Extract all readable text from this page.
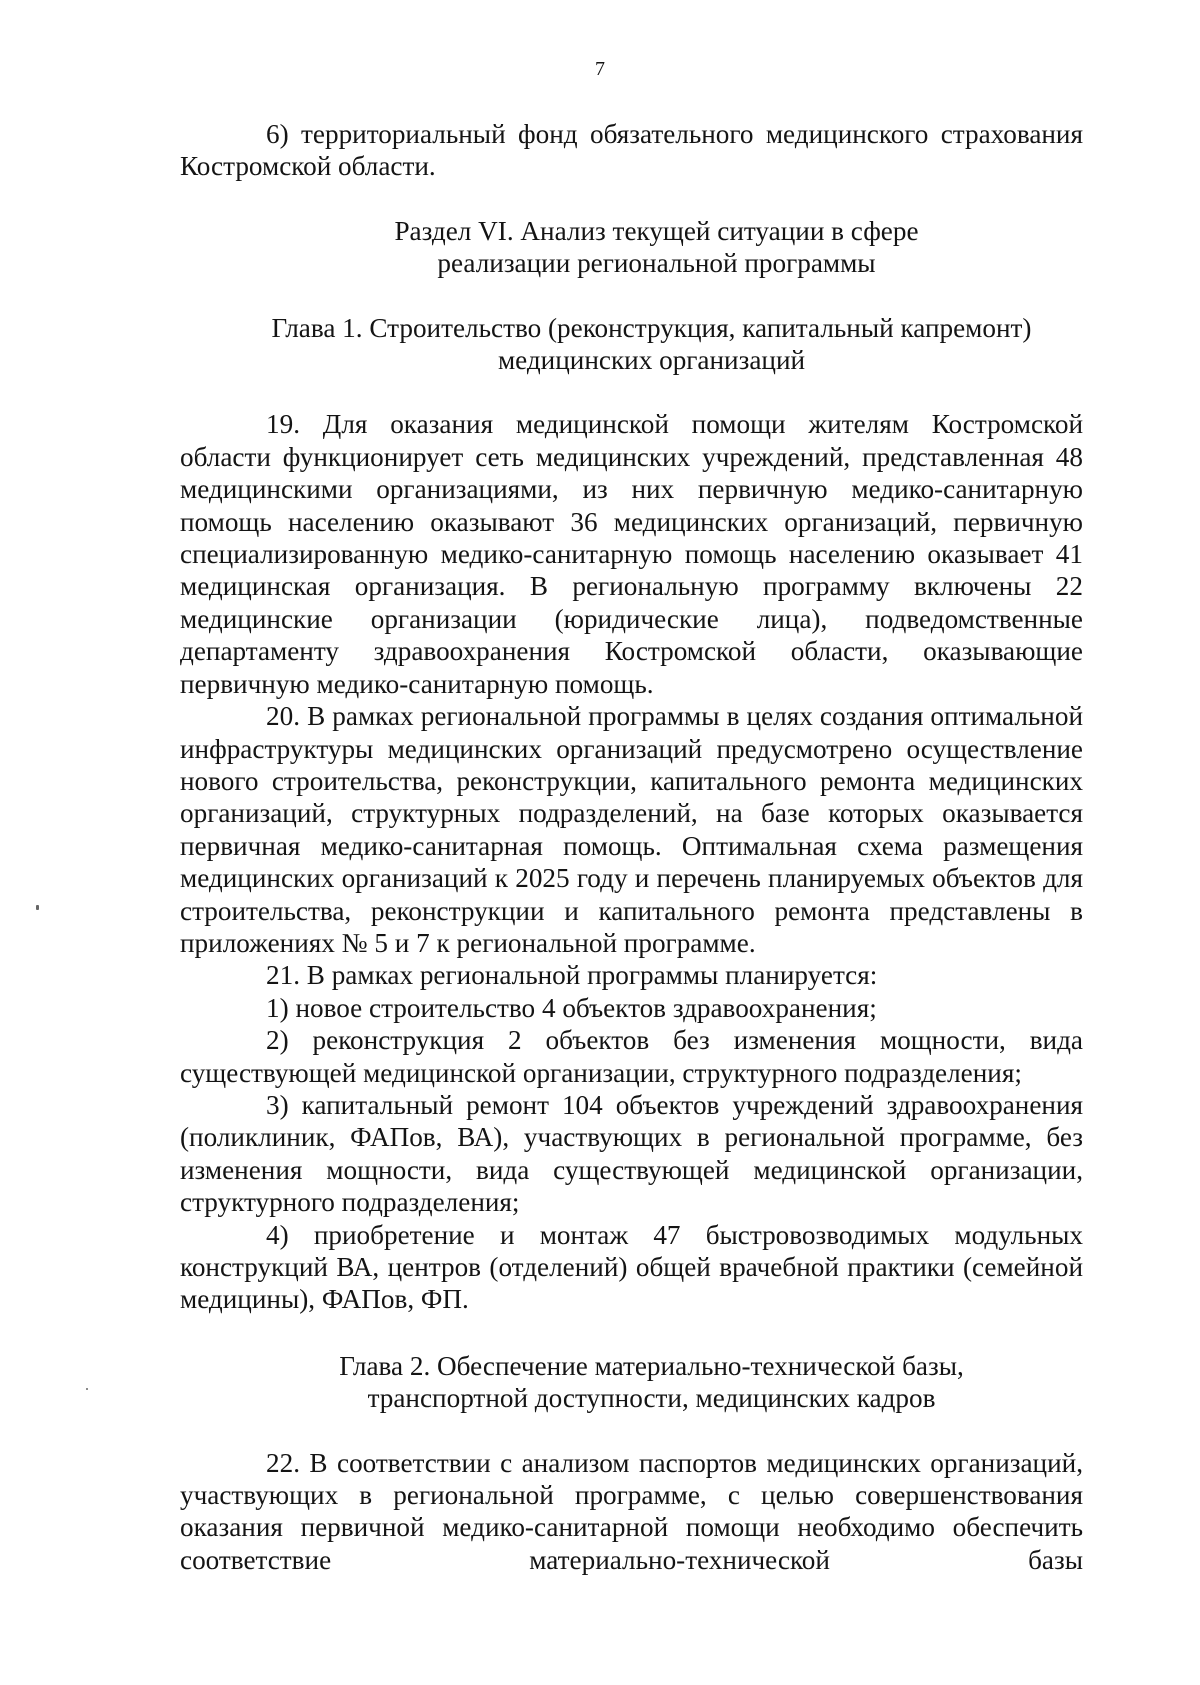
7

6) территориальный фонд обязательного медицинского страхования Костромской области.

Раздел VI. Анализ текущей ситуации в сфере
реализации региональной программы
Глава 1. Строительство (реконструкция, капитальный капремонт)
медицинских организаций

19. Для оказания медицинской помощи жителям Костромской области функционирует сеть медицинских учреждений, представленная 48 медицинскими организациями, из них первичную медико-санитарную помощь населению оказывают 36 медицинских организаций, первичную специализированную медико-санитарную помощь населению оказывает 41 медицинская организация. В региональную программу включены 22 медицинские организации (юридические лица), подведомственные департаменту здравоохранения Костромской области, оказывающие первичную медико-санитарную помощь.

20. В рамках региональной программы в целях создания оптимальной инфраструктуры медицинских организаций предусмотрено осуществление нового строительства, реконструкции, капитального ремонта медицинских организаций, структурных подразделений, на базе которых оказывается первичная медико-санитарная помощь. Оптимальная схема размещения медицинских организаций к 2025 году и перечень планируемых объектов для строительства, реконструкции и капитального ремонта представлены в приложениях № 5 и 7 к региональной программе.

21. В рамках региональной программы планируется:

1) новое строительство 4 объектов здравоохранения;

2) реконструкция 2 объектов без изменения мощности, вида существующей медицинской организации, структурного подразделения;

3) капитальный ремонт 104 объектов учреждений здравоохранения (поликлиник, ФАПов, ВА), участвующих в региональной программе, без изменения мощности, вида существующей медицинской организации, структурного подразделения;

4) приобретение и монтаж 47 быстровозводимых модульных конструкций ВА, центров (отделений) общей врачебной практики (семейной медицины), ФАПов, ФП.

Глава 2. Обеспечение материально-технической базы,
транспортной доступности, медицинских кадров

22. В соответствии с анализом паспортов медицинских организаций, участвующих в региональной программе, с целью совершенствования оказания первичной медико-санитарной помощи необходимо обеспечить соответствие материально-технической базы
